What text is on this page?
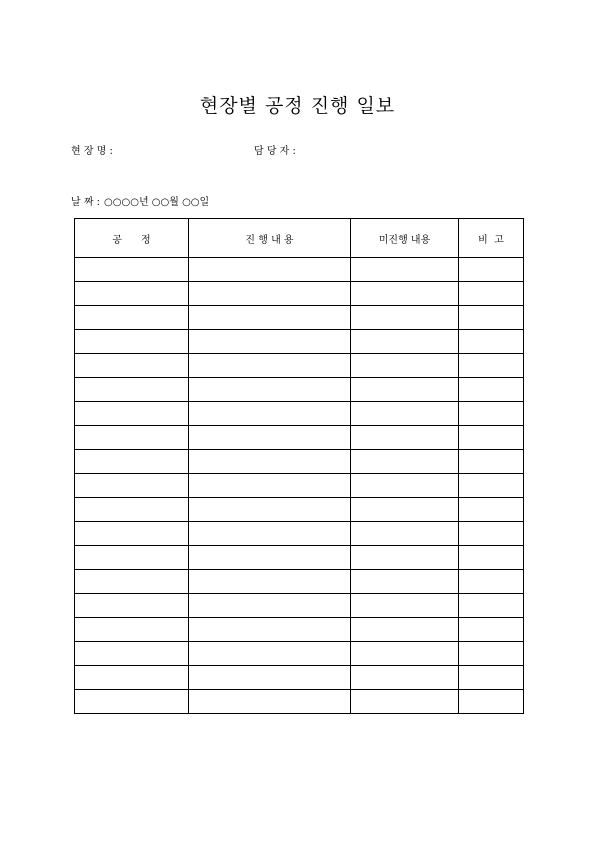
현장별 공정 진행 일보
현 장 명 :	담 당 자 :
날 짜 : ○○○○년 ○○월 ○○일
공      정	진 행 내 용	미진행 내용	비  고
